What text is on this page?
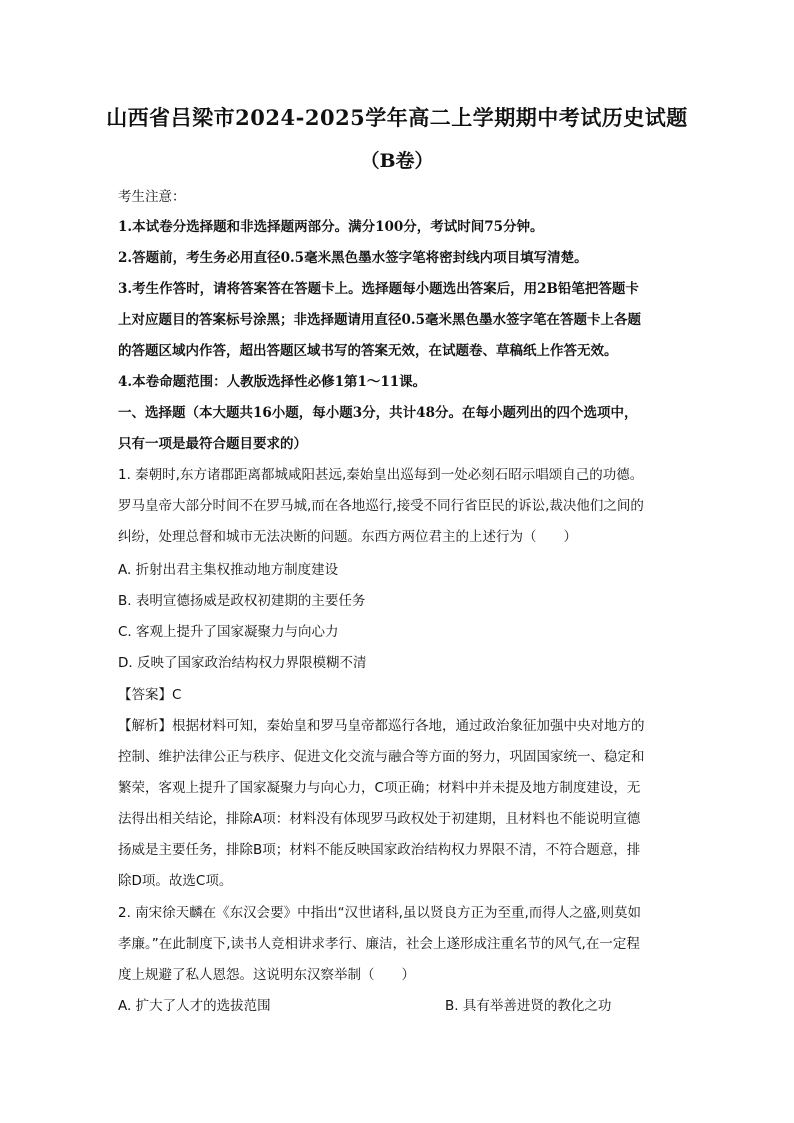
山西省吕梁市2024-2025学年高二上学期期中考试历史试题
（B卷）
考生注意：
1.本试卷分选择题和非选择题两部分。满分100分，考试时间75分钟。
2.答题前，考生务必用直径0.5毫米黑色墨水签字笔将密封线内项目填写清楚。
3.考生作答时，请将答案答在答题卡上。选择题每小题选出答案后，用2B铅笔把答题卡
上对应题目的答案标号涂黑；非选择题请用直径0.5毫米黑色墨水签字笔在答题卡上各题
的答题区域内作答，超出答题区域书写的答案无效，在试题卷、草稿纸上作答无效。
4.本卷命题范围：人教版选择性必修1第1～11课。
一、选择题（本大题共16小题，每小题3分，共计48分。在每小题列出的四个选项中，
只有一项是最符合题目要求的）
1. 秦朝时,东方诸郡距离都城咸阳甚远,秦始皇出巡每到一处必刻石昭示唱颂自己的功德。
罗马皇帝大部分时间不在罗马城,而在各地巡行,接受不同行省臣民的诉讼,裁决他们之间的
纠纷，处理总督和城市无法决断的问题。东西方两位君主的上述行为（　　）
A. 折射出君主集权推动地方制度建设
B. 表明宣德扬威是政权初建期的主要任务
C. 客观上提升了国家凝聚力与向心力
D. 反映了国家政治结构权力界限模糊不清
【答案】C
【解析】根据材料可知，秦始皇和罗马皇帝都巡行各地，通过政治象征加强中央对地方的
控制、维护法律公正与秩序、促进文化交流与融合等方面的努力，巩固国家统一、稳定和
繁荣，客观上提升了国家凝聚力与向心力，C项正确；材料中并未提及地方制度建设，无
法得出相关结论，排除A项：材料没有体现罗马政权处于初建期，且材料也不能说明宣德
扬威是主要任务，排除B项；材料不能反映国家政治结构权力界限不清，不符合题意，排
除D项。故选C项。
2. 南宋徐天麟在《东汉会要》中指出“汉世诸科,虽以贤良方正为至重,而得人之盛,则莫如
孝廉。”在此制度下,读书人竞相讲求孝行、廉洁，社会上遂形成注重名节的风气,在一定程
度上规避了私人恩怨。这说明东汉察举制（　　）
A. 扩大了人才的选拔范围	B. 具有举善进贤的教化之功
